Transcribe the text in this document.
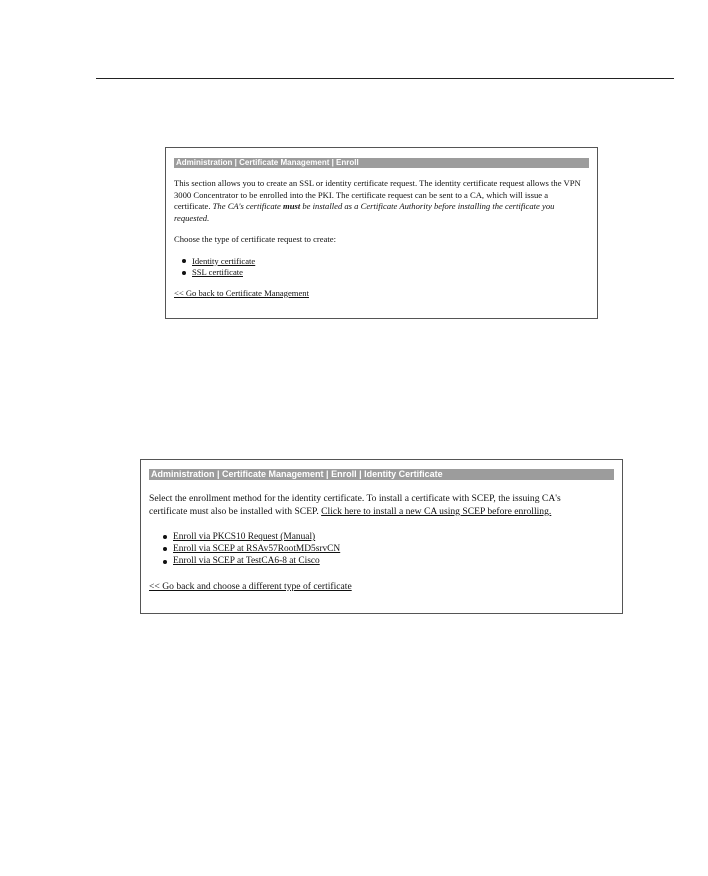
Administration | Certificate Management | Enroll

This section allows you to create an SSL or identity certificate request. The identity certificate request allows the VPN 3000 Concentrator to be enrolled into the PKI. The certificate request can be sent to a CA, which will issue a certificate. The CA's certificate must be installed as a Certificate Authority before installing the certificate you requested.

Choose the type of certificate request to create:

Identity certificate
SSL certificate

<< Go back to Certificate Management

Administration | Certificate Management | Enroll | Identity Certificate

Select the enrollment method for the identity certificate. To install a certificate with SCEP, the issuing CA's certificate must also be installed with SCEP. Click here to install a new CA using SCEP before enrolling.

Enroll via PKCS10 Request (Manual)
Enroll via SCEP at RSAv57RootMD5srvCN
Enroll via SCEP at TestCA6-8 at Cisco

<< Go back and choose a different type of certificate
